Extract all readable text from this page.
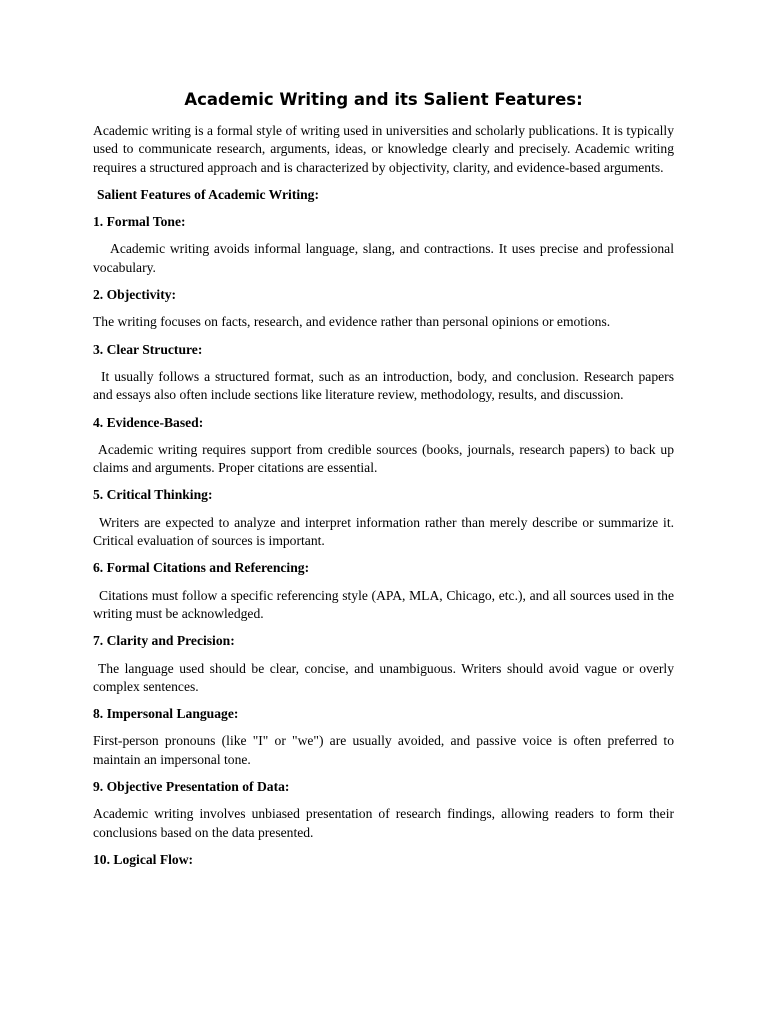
Academic Writing and its Salient Features:

Academic writing is a formal style of writing used in universities and scholarly publications. It is typically used to communicate research, arguments, ideas, or knowledge clearly and precisely. Academic writing requires a structured approach and is characterized by objectivity, clarity, and evidence-based arguments.

Salient Features of Academic Writing:
1. Formal Tone:

Academic writing avoids informal language, slang, and contractions. It uses precise and professional vocabulary.

2. Objectivity:

The writing focuses on facts, research, and evidence rather than personal opinions or emotions.

3. Clear Structure:

It usually follows a structured format, such as an introduction, body, and conclusion. Research papers and essays also often include sections like literature review, methodology, results, and discussion.

4. Evidence-Based:

Academic writing requires support from credible sources (books, journals, research papers) to back up claims and arguments. Proper citations are essential.

5. Critical Thinking:

Writers are expected to analyze and interpret information rather than merely describe or summarize it. Critical evaluation of sources is important.

6. Formal Citations and Referencing:

Citations must follow a specific referencing style (APA, MLA, Chicago, etc.), and all sources used in the writing must be acknowledged.

7. Clarity and Precision:

The language used should be clear, concise, and unambiguous. Writers should avoid vague or overly complex sentences.

8. Impersonal Language:

First-person pronouns (like "I" or "we") are usually avoided, and passive voice is often preferred to maintain an impersonal tone.

9. Objective Presentation of Data:

Academic writing involves unbiased presentation of research findings, allowing readers to form their conclusions based on the data presented.

10. Logical Flow:
